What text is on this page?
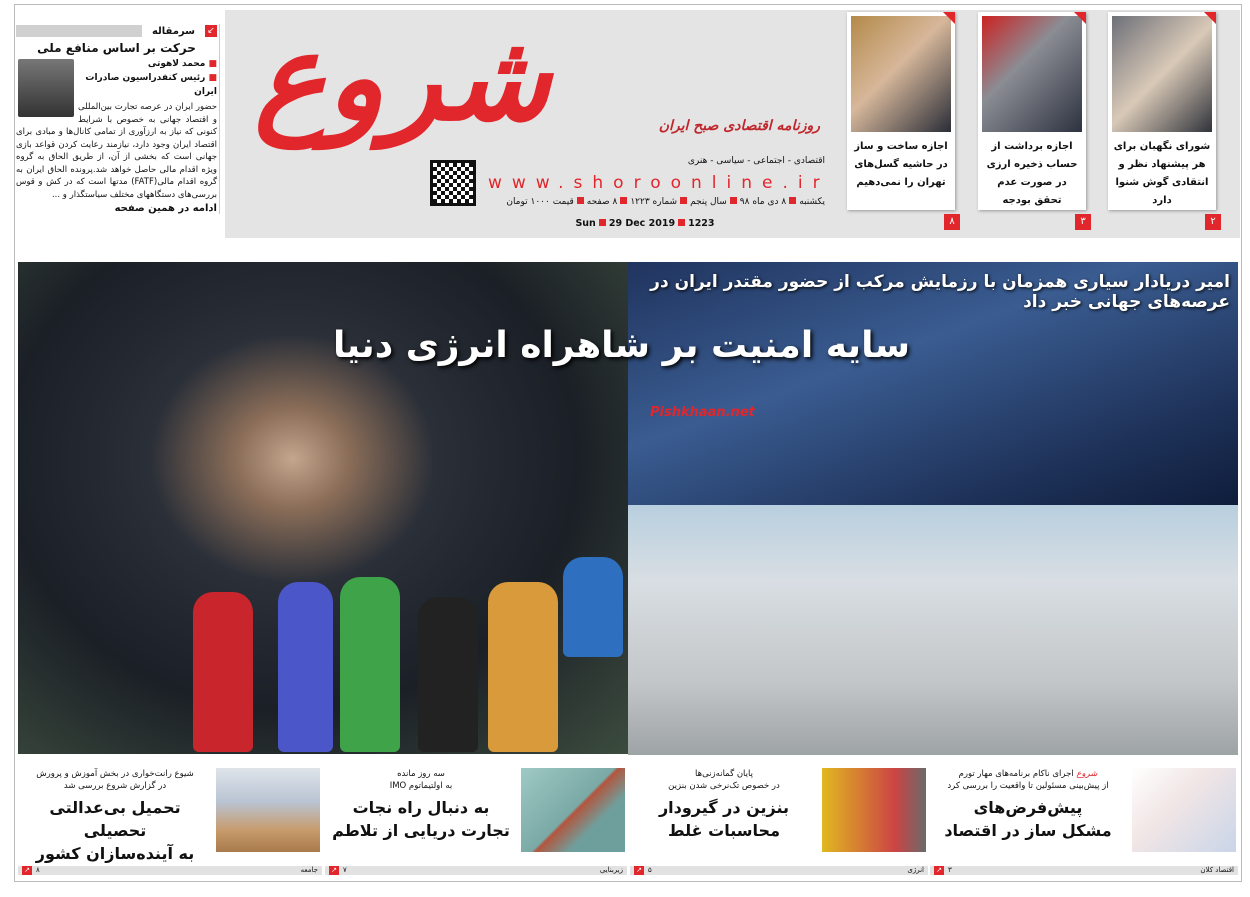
↙
سرمقاله
حرکت بر اساس منافع ملی
■ محمد لاهوتی
■ رئیس کنفدراسیون صادرات ایران
حضور ایران در عرصه تجارت بین‌المللی و اقتصاد جهانی به خصوص با شرایط کنونی که نیاز به ارزآوری از تمامی کانال‌ها و مبادی برای اقتصاد ایران وجود دارد، نیازمند رعایت کردن قواعد بازی جهانی است که بخشی از آن، از طریق الحاق به گروه ویژه اقدام مالی حاصل خواهد شد.پرونده الحاق ایران به گروه اقدام مالی(FATF) مدتها است که در کش و قوس بررسی‌های دستگاههای مختلف سیاستگذار و ...
ادامه در همین صفحه
شروع	روزنامه اقتصادی صبح ایران
اقتصادی - اجتماعی - سیاسی - هنری
www.shoroonline.ir
یکشنبه۸ دی ماه ۹۸سال پنجمشماره ۱۲۲۳۸ صفحهقیمت ۱۰۰۰ تومان
Sun 29 Dec 2019 1223
شورای نگهبان برای هر پیشنهاد نظر و انتقادی گوش شنوا دارد
اجازه برداشت از حساب ذخیره ارزی در صورت عدم تحقق بودجه
اجازه ساخت و ساز در حاشیه گسل‌های تهران را نمی‌دهیم
۲
۳
۸
امیر دریادار سیاری همزمان با رزمایش مرکب از حضور مقتدر ایران در عرصه‌های جهانی خبر داد
سایه امنیت بر شاهراه انرژی دنیا
Pishkhaan.net
شروع اجرای ناکام برنامه‌های مهار تورم
از پیش‌بینی مسئولین تا واقعیت را بررسی کرد
پیش‌فرض‌های
مشکل ساز در اقتصاد
پایان گمانه‌زنی‌ها
در خصوص تک‌نرخی شدن بنزین
بنزین در گیرودار
محاسبات غلط
سه روز مانده
به اولتیماتوم IMO
به دنبال راه نجات
تجارت دریایی از تلاطم
شیوع رانت‌خواری در بخش آموزش و پرورش
در گزارش شروع بررسی شد
تحمیل بی‌عدالتی تحصیلی
به آینده‌سازان کشور
↗ ۳	اقتصاد کلان
↗ ۵	انرژی
↗ ۷	زیربنایی
↗ ۸	جامعه
